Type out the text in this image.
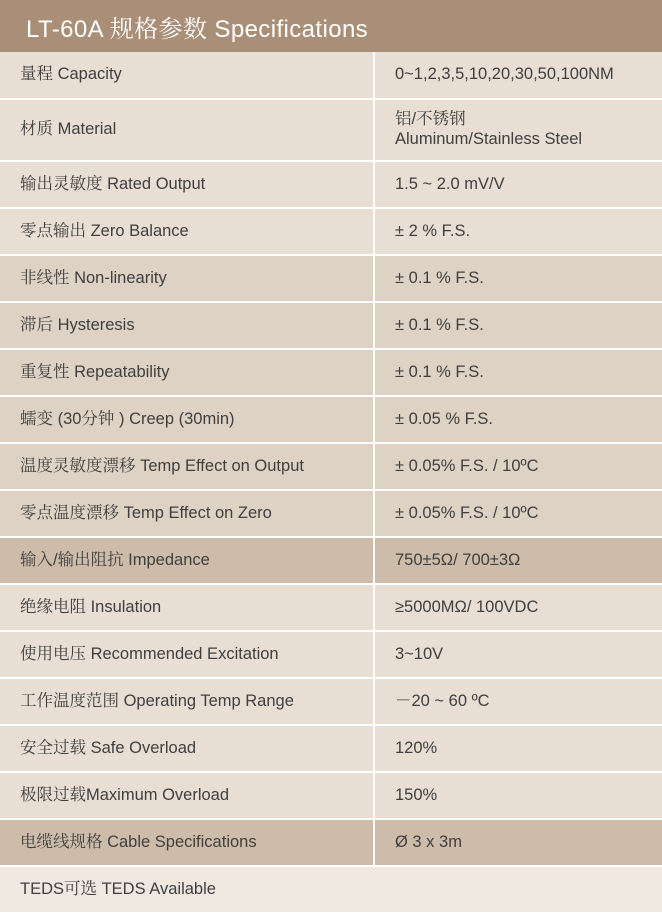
LT-60A 规格参数 Specifications
量程 Capacity	0~1,2,3,5,10,20,30,50,100NM
材质 Material	铝/不锈钢
Aluminum/Stainless Steel

输出灵敏度 Rated Output	1.5 ~ 2.0 mV/V
零点输出 Zero Balance	± 2 % F.S.
非线性 Non-linearity	± 0.1 % F.S.
滞后 Hysteresis	± 0.1 % F.S.
重复性 Repeatability	± 0.1 % F.S.
蠕变 (30分钟 ) Creep (30min)	± 0.05 % F.S.
温度灵敏度漂移 Temp Effect on Output	± 0.05% F.S. / 10ºC
零点温度漂移 Temp Effect on Zero	± 0.05% F.S. / 10ºC
输入/输出阻抗 Impedance	750±5Ω/ 700±3Ω
绝缘电阻 Insulation	≥5000MΩ/ 100VDC
使用电压 Recommended Excitation	3~10V
工作温度范围 Operating Temp Range	－20 ~ 60 ºC
安全过载 Safe Overload	120%
极限过载Maximum Overload	150%
电缆线规格 Cable Specifications	Ø 3 x 3m
TEDS可选 TEDS Available	
